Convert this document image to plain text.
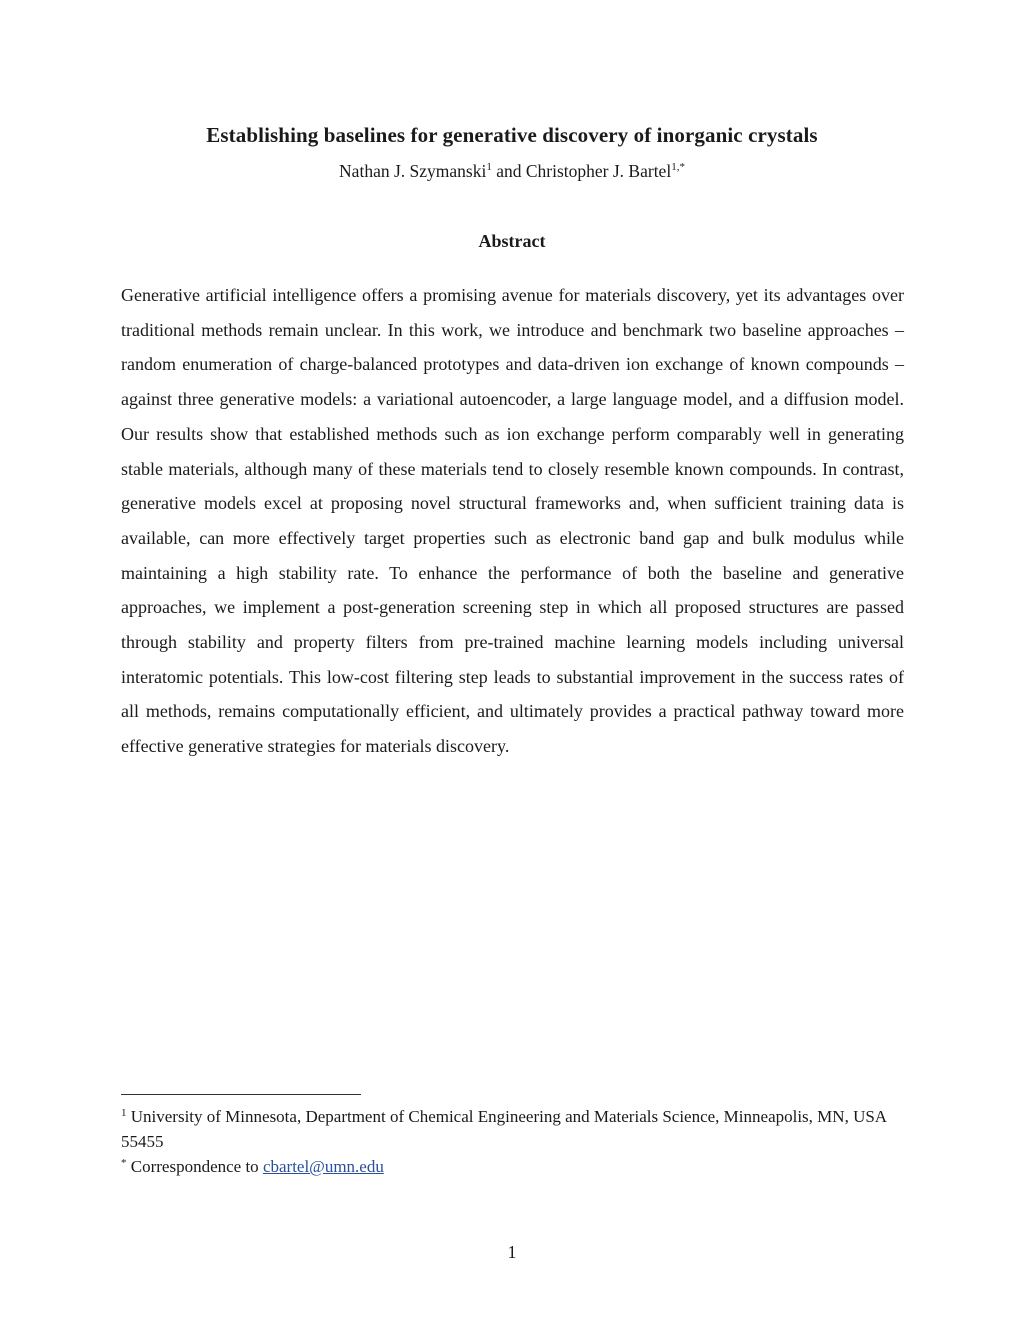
Establishing baselines for generative discovery of inorganic crystals
Nathan J. Szymanski$^1$ and Christopher J. Bartel$^{1,*}$
Abstract

Generative artificial intelligence offers a promising avenue for materials discovery, yet its advantages over traditional methods remain unclear. In this work, we introduce and benchmark two baseline approaches – random enumeration of charge-balanced prototypes and data-driven ion exchange of known compounds – against three generative models: a variational autoencoder, a large language model, and a diffusion model. Our results show that established methods such as ion exchange perform comparably well in generating stable materials, although many of these materials tend to closely resemble known compounds. In contrast, generative models excel at proposing novel structural frameworks and, when sufficient training data is available, can more effectively target properties such as electronic band gap and bulk modulus while maintaining a high stability rate. To enhance the performance of both the baseline and generative approaches, we implement a post-generation screening step in which all proposed structures are passed through stability and property filters from pre-trained machine learning models including universal interatomic potentials. This low-cost filtering step leads to substantial improvement in the success rates of all methods, remains computationally efficient, and ultimately provides a practical pathway toward more effective generative strategies for materials discovery.

$^1$ University of Minnesota, Department of Chemical Engineering and Materials Science, Minneapolis, MN, USA 55455

* Correspondence to cbartel@umn.edu

1
